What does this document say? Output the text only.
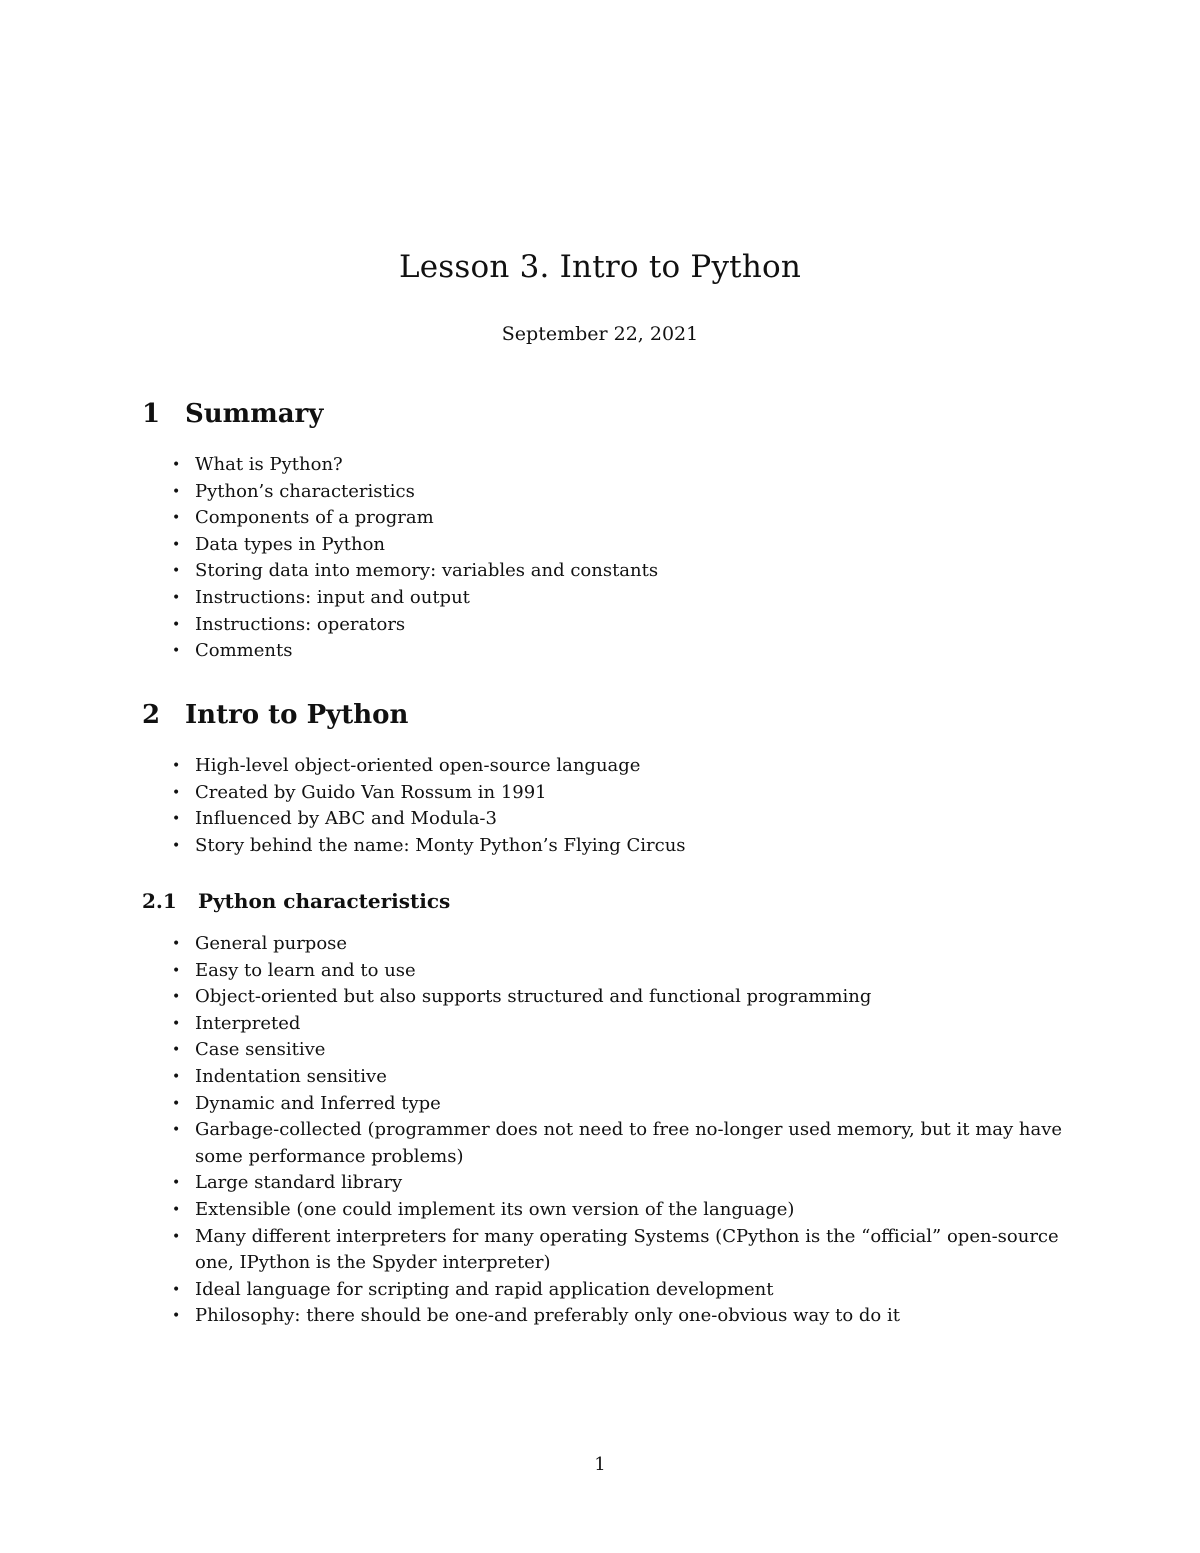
Lesson 3. Intro to Python
September 22, 2021
1 Summary
• What is Python?
• Python’s characteristics
• Components of a program
• Data types in Python
• Storing data into memory: variables and constants
• Instructions: input and output
• Instructions: operators
• Comments
2 Intro to Python
• High-level object-oriented open-source language
• Created by Guido Van Rossum in 1991
• Influenced by ABC and Modula-3
• Story behind the name: Monty Python’s Flying Circus
2.1 Python characteristics
• General purpose
• Easy to learn and to use
• Object-oriented but also supports structured and functional programming
• Interpreted
• Case sensitive
• Indentation sensitive
• Dynamic and Inferred type
• Garbage-collected (programmer does not need to free no-longer used memory, but it may have some performance problems)
• Large standard library
• Extensible (one could implement its own version of the language)
• Many different interpreters for many operating Systems (CPython is the “official” open-source one, IPython is the Spyder interpreter)
• Ideal language for scripting and rapid application development
• Philosophy: there should be one-and preferably only one-obvious way to do it
1
